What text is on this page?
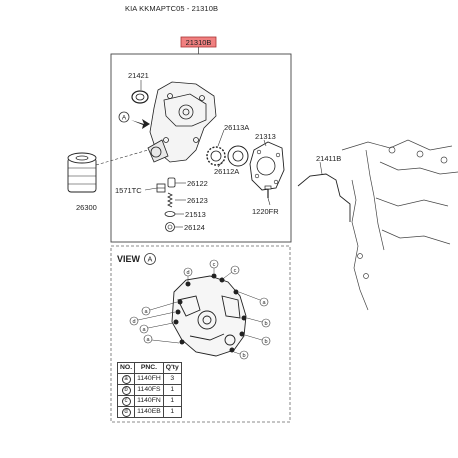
KIA KKMAPTC05 - 21310B
21310B
21421
A
26113A
26112A
21313
1220FR
1571TC
26122
26123
21513
26124
26300
21411B
VIEW A
d
a
a
d
c
a
c
b
b
b
a
NO.	PNC.	Q'ty
a	1140FH	3
b	1140FS	1
c	1140FN	1
d	1140EB	1
